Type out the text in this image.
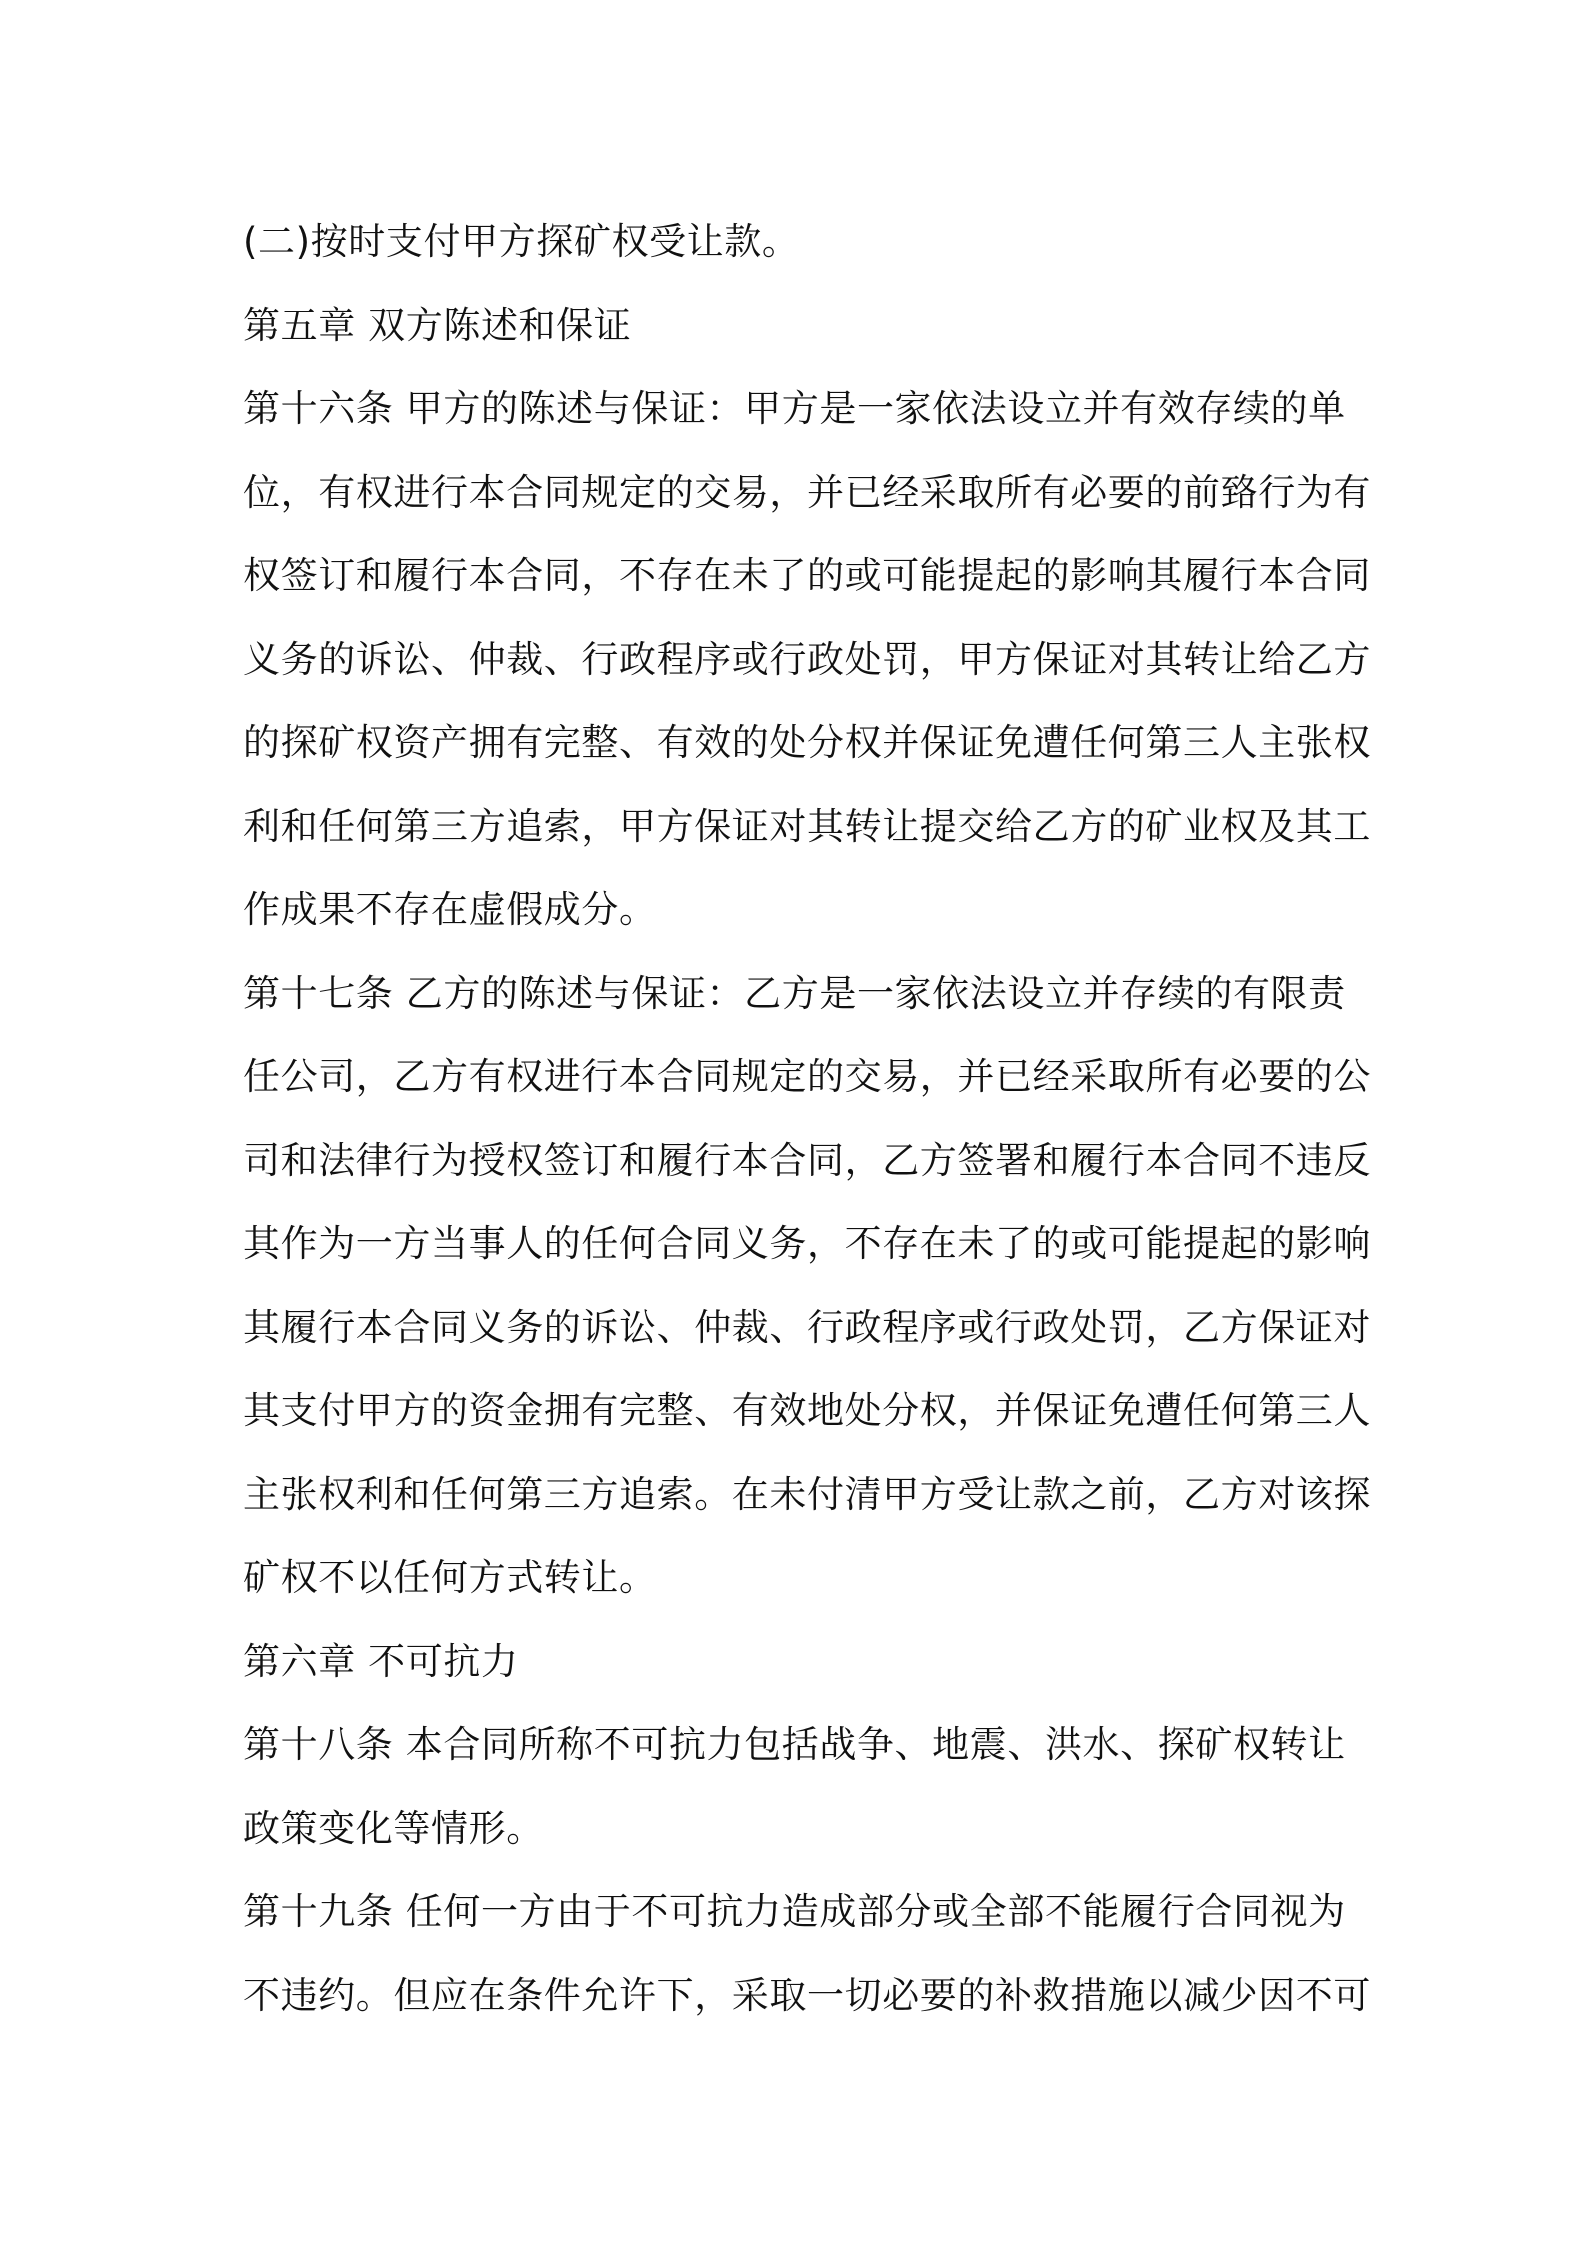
(二)按时支付甲方探矿权受让款。

第五章 双方陈述和保证

第十六条 甲方的陈述与保证：甲方是一家依法设立并有效存续的单
位，有权进行本合同规定的交易，并已经采取所有必要的前臵行为有
权签订和履行本合同，不存在未了的或可能提起的影响其履行本合同
义务的诉讼、仲裁、行政程序或行政处罚，甲方保证对其转让给乙方
的探矿权资产拥有完整、有效的处分权并保证免遭任何第三人主张权
利和任何第三方追索，甲方保证对其转让提交给乙方的矿业权及其工
作成果不存在虚假成分。

第十七条 乙方的陈述与保证：乙方是一家依法设立并存续的有限责
任公司，乙方有权进行本合同规定的交易，并已经采取所有必要的公
司和法律行为授权签订和履行本合同，乙方签署和履行本合同不违反
其作为一方当事人的任何合同义务，不存在未了的或可能提起的影响
其履行本合同义务的诉讼、仲裁、行政程序或行政处罚，乙方保证对
其支付甲方的资金拥有完整、有效地处分权，并保证免遭任何第三人
主张权利和任何第三方追索。在未付清甲方受让款之前，乙方对该探
矿权不以任何方式转让。

第六章 不可抗力

第十八条 本合同所称不可抗力包括战争、地震、洪水、探矿权转让
政策变化等情形。

第十九条 任何一方由于不可抗力造成部分或全部不能履行合同视为
不违约。但应在条件允许下，采取一切必要的补救措施以减少因不可
